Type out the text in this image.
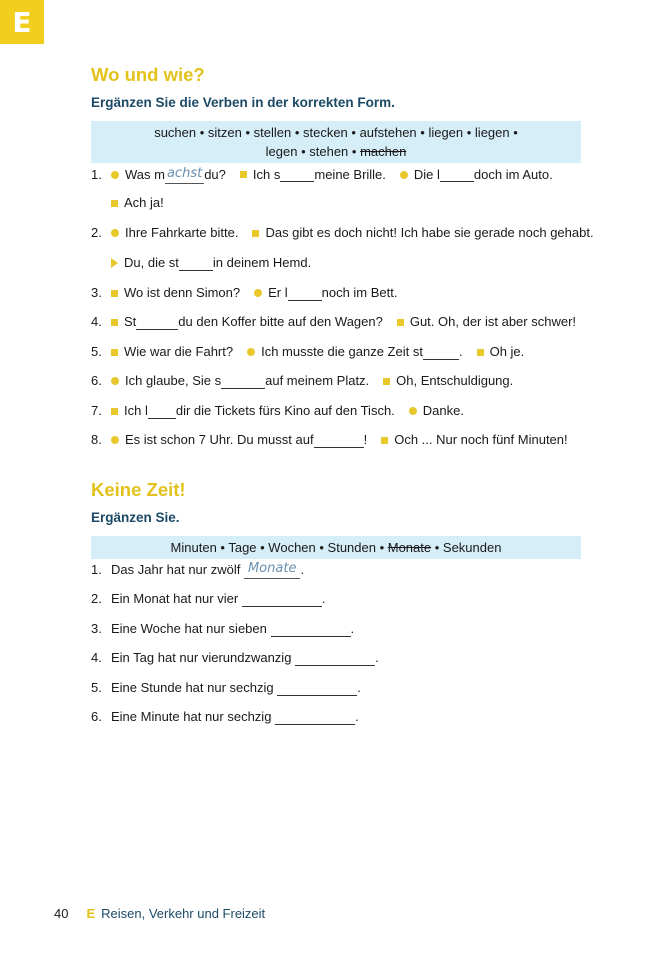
E
Wo und wie?

Ergänzen Sie die Verben in der korrekten Form.

suchen • sitzen • stellen • stecken • aufstehen • liegen • liegen •
legen • stehen • machen
1.	Was m achst du? Ich s	meine Brille. Die l	doch im Auto.
Ach ja!
2.	Ihre Fahrkarte bitte. Das gibt es doch nicht! Ich habe sie gerade noch gehabt.
Du, die st	in deinem Hemd.
3.	Wo ist denn Simon? Er l	noch im Bett.
4.	St	du den Koffer bitte auf den Wagen? Gut. Oh, der ist aber schwer!
5.	Wie war die Fahrt? Ich musste die ganze Zeit st	. Oh je.
6.	Ich glaube, Sie s	auf meinem Platz. Oh, Entschuldigung.
7.	Ich l dir die Tickets fürs Kino auf den Tisch. Danke.
8.	Es ist schon 7 Uhr. Du musst auf	! Och ... Nur noch fünf Minuten!
Keine Zeit!

Ergänzen Sie.

Minuten • Tage • Wochen • Stunden • Monate • Sekunden
1. Das Jahr hat nur zwölf
Monate .
2. Ein Monat hat nur vier
	.
3. Eine Woche hat nur sieben
	.
4. Ein Tag hat nur vierundzwanzig
	.
5. Eine Stunde hat nur sechzig
	.
6. Eine Minute hat nur sechzig
	.
40 E Reisen, Verkehr und Freizeit
